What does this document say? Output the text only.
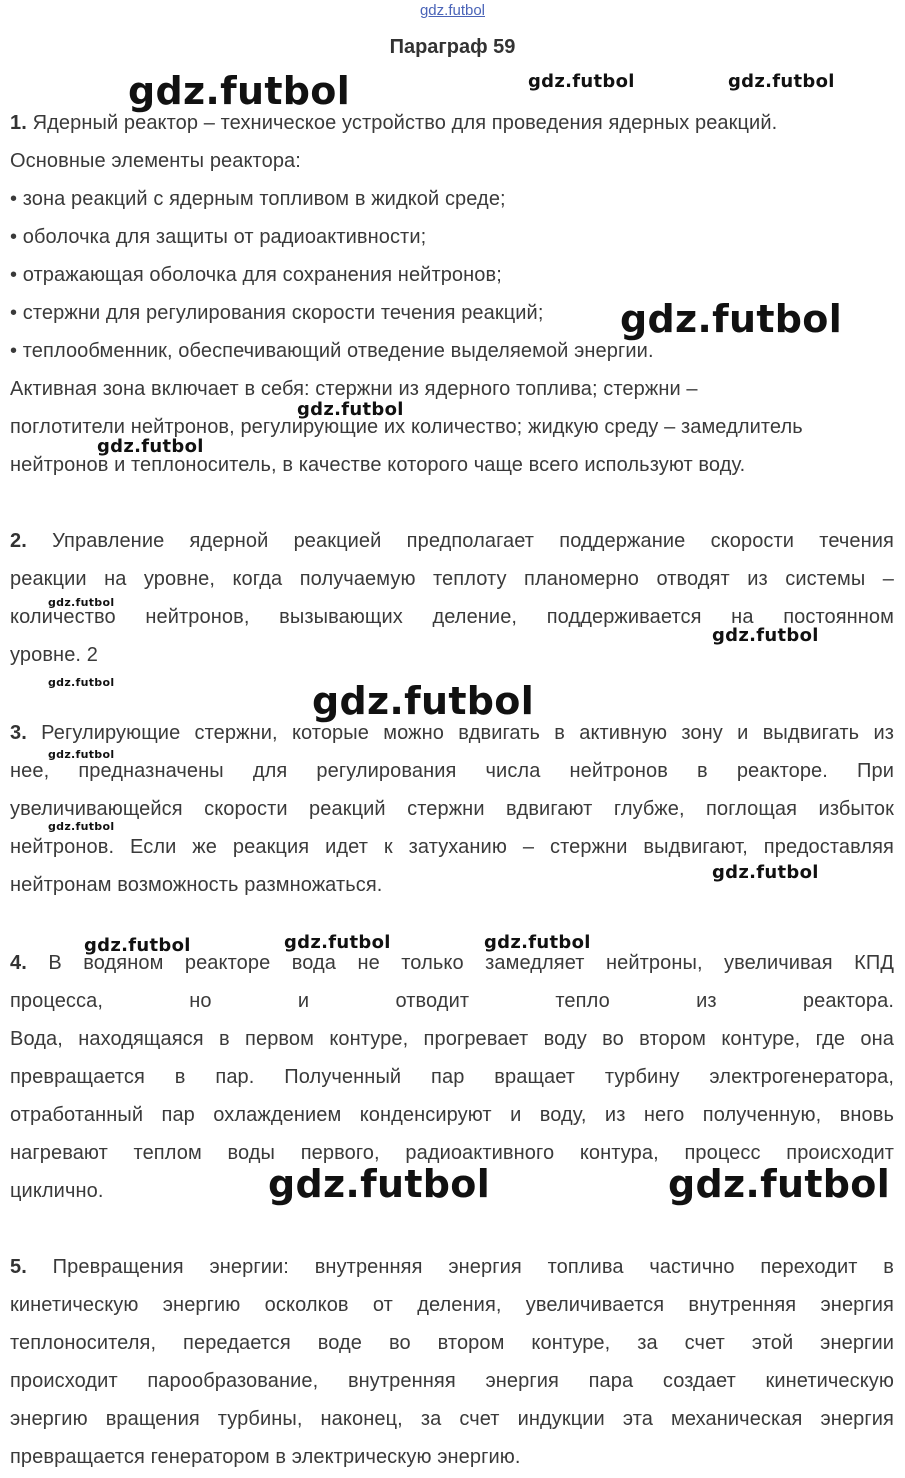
gdz.futbol
Параграф 59
1. Ядерный реактор – техническое устройство для проведения ядерных реакций.
Основные элементы реактора:
• зона реакций с ядерным топливом в жидкой среде;
• оболочка для защиты от радиоактивности;
• отражающая оболочка для сохранения нейтронов;
• стержни для регулирования скорости течения реакций;
• теплообменник, обеспечивающий отведение выделяемой энергии.
Активная зона включает в себя: стержни из ядерного топлива; стержни –
поглотители нейтронов, регулирующие их количество; жидкую среду – замедлитель
нейтронов и теплоноситель, в качестве которого чаще всего используют воду.
2. Управление ядерной реакцией предполагает поддержание скорости течения
реакции на уровне, когда получаемую теплоту планомерно отводят из системы –
количество нейтронов, вызывающих деление, поддерживается на постоянном
уровне. 2
3. Регулирующие стержни, которые можно вдвигать в активную зону и выдвигать из
нее, предназначены для регулирования числа нейтронов в реакторе. При
увеличивающейся скорости реакций стержни вдвигают глубже, поглощая избыток
нейтронов. Если же реакция идет к затуханию – стержни выдвигают, предоставляя
нейтронам возможность размножаться.
4. В водяном реакторе вода не только замедляет нейтроны, увеличивая КПД
процесса, но и отводит тепло из реактора.
Вода, находящаяся в первом контуре, прогревает воду во втором контуре, где она
превращается в пар. Полученный пар вращает турбину электрогенератора,
отработанный пар охлаждением конденсируют и воду, из него полученную, вновь
нагревают теплом воды первого, радиоактивного контура, процесс происходит
циклично.
5. Превращения энергии: внутренняя энергия топлива частично переходит в
кинетическую энергию осколков от деления, увеличивается внутренняя энергия
теплоносителя, передается воде во втором контуре, за счет этой энергии
происходит парообразование, внутренняя энергия пара создает кинетическую
энергию вращения турбины, наконец, за счет индукции эта механическая энергия
превращается генератором в электрическую энергию.
gdz.futbol	gdz.futbol	gdz.futbol
gdz.futbol
gdz.futbol
gdz.futbol
gdz.futbol
gdz.futbol
gdz.futbol	gdz.futbol
gdz.futbol
gdz.futbol
gdz.futbol
gdz.futbol	gdz.futbol	gdz.futbol
gdz.futbol	gdz.futbol
